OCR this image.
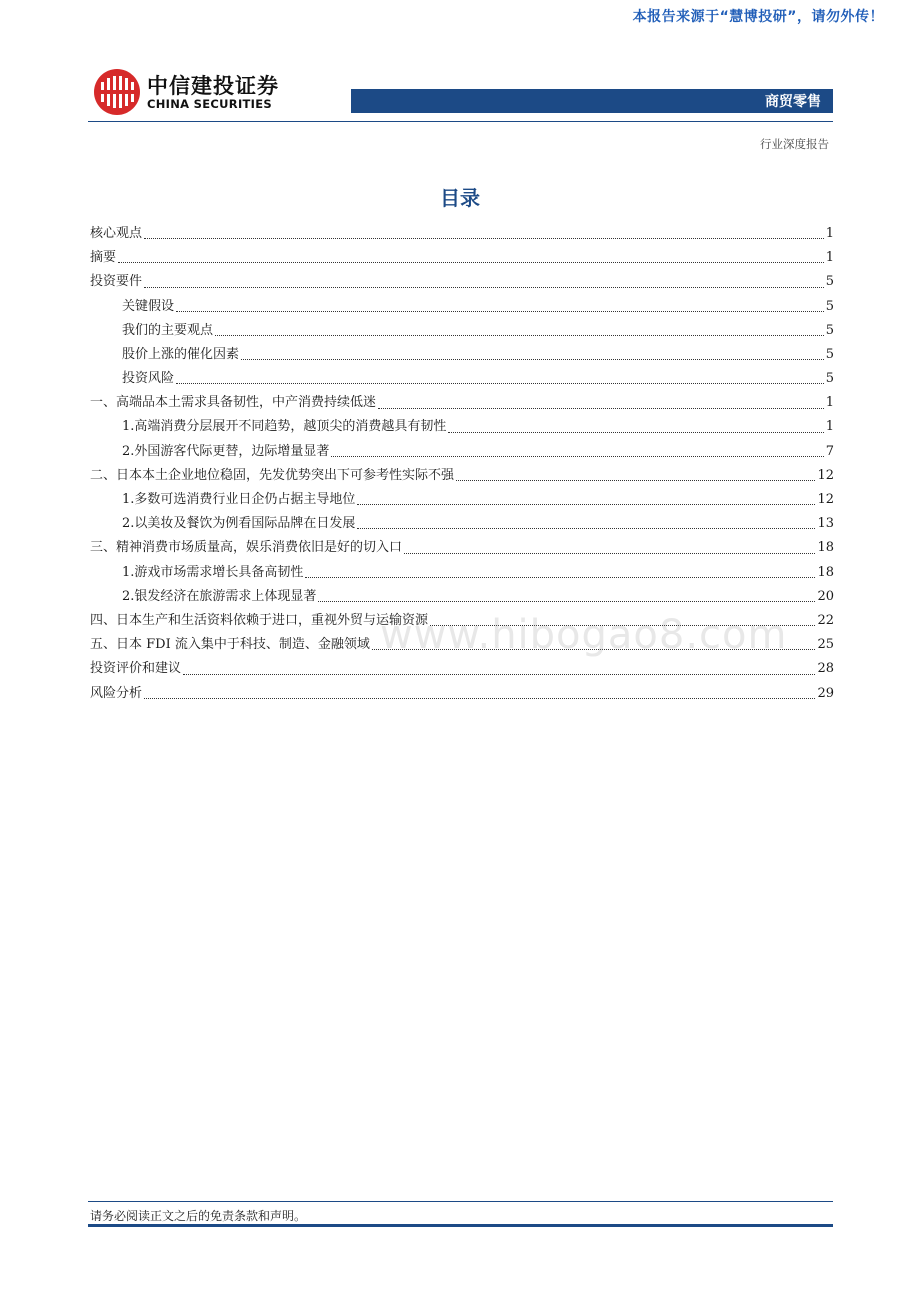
本报告来源于“慧博投研”，请勿外传！
中信建投证券
CHINA SECURITIES	商贸零售
行业深度报告
目录
核心观点	1
摘要	1
投资要件	5
关键假设	5
我们的主要观点	5
股价上涨的催化因素	5
投资风险	5
一、高端品本土需求具备韧性，中产消费持续低迷	1
1.高端消费分层展开不同趋势，越顶尖的消费越具有韧性	1
2.外国游客代际更替，边际增量显著	7
二、日本本土企业地位稳固，先发优势突出下可参考性实际不强	12
1.多数可选消费行业日企仍占据主导地位	12
2.以美妆及餐饮为例看国际品牌在日发展	13
三、精神消费市场质量高，娱乐消费依旧是好的切入口	18
1.游戏市场需求增长具备高韧性	18
2.银发经济在旅游需求上体现显著	20
四、日本生产和生活资料依赖于进口，重视外贸与运输资源	22
五、日本 FDI 流入集中于科技、制造、金融领域	25
投资评价和建议	28
风险分析	29
www.hibogao8.com
请务必阅读正文之后的免责条款和声明。
